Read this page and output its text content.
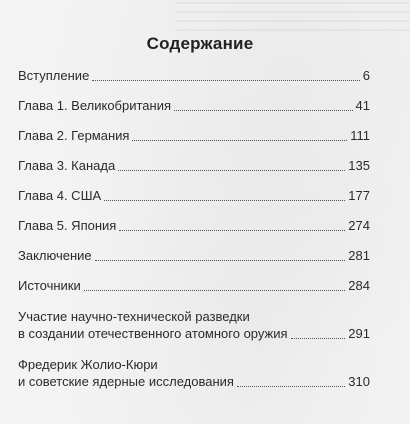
Содержание
Вступление	6
Глава 1. Великобритания	41
Глава 2. Германия	111
Глава 3. Канада	135
Глава 4. США	177
Глава 5. Япония	274
Заключение	281
Источники	284
Участие научно-технической разведки
в создании отечественного атомного оружия	291
Фредерик Жолио-Кюри
и советские ядерные исследования	310
